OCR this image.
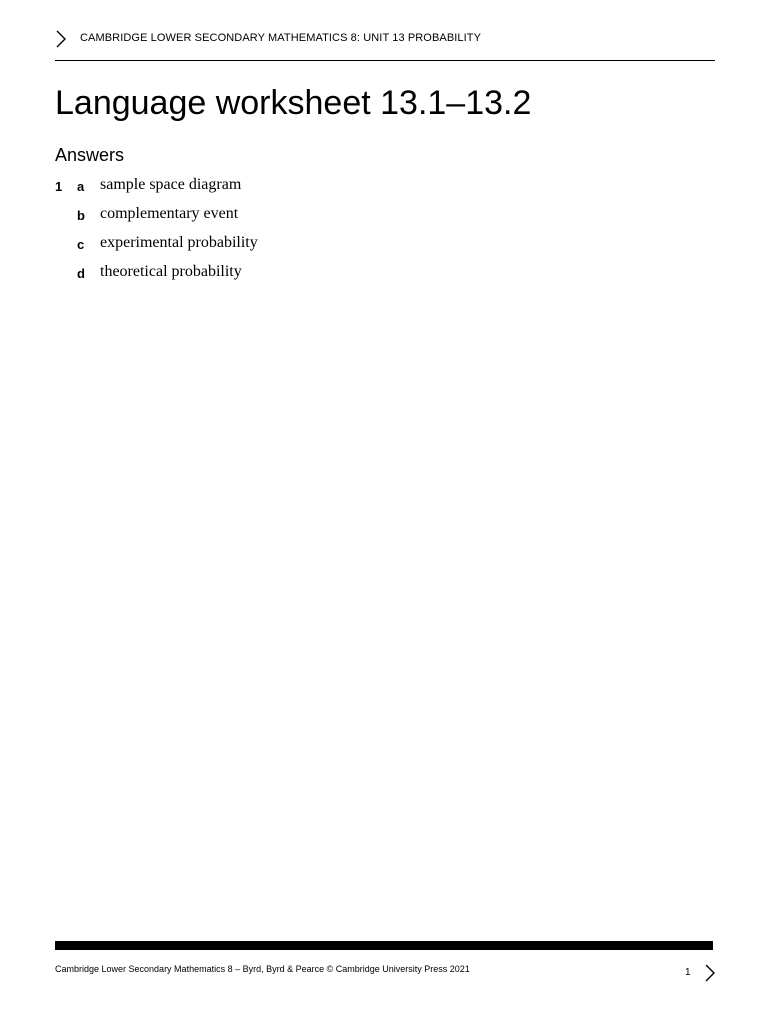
CAMBRIDGE LOWER SECONDARY MATHEMATICS 8: UNIT 13 PROBABILITY
Language worksheet 13.1–13.2
Answers
1 a sample space diagram
b complementary event
c experimental probability
d theoretical probability
Cambridge Lower Secondary Mathematics 8 – Byrd, Byrd & Pearce © Cambridge University Press 2021	1
